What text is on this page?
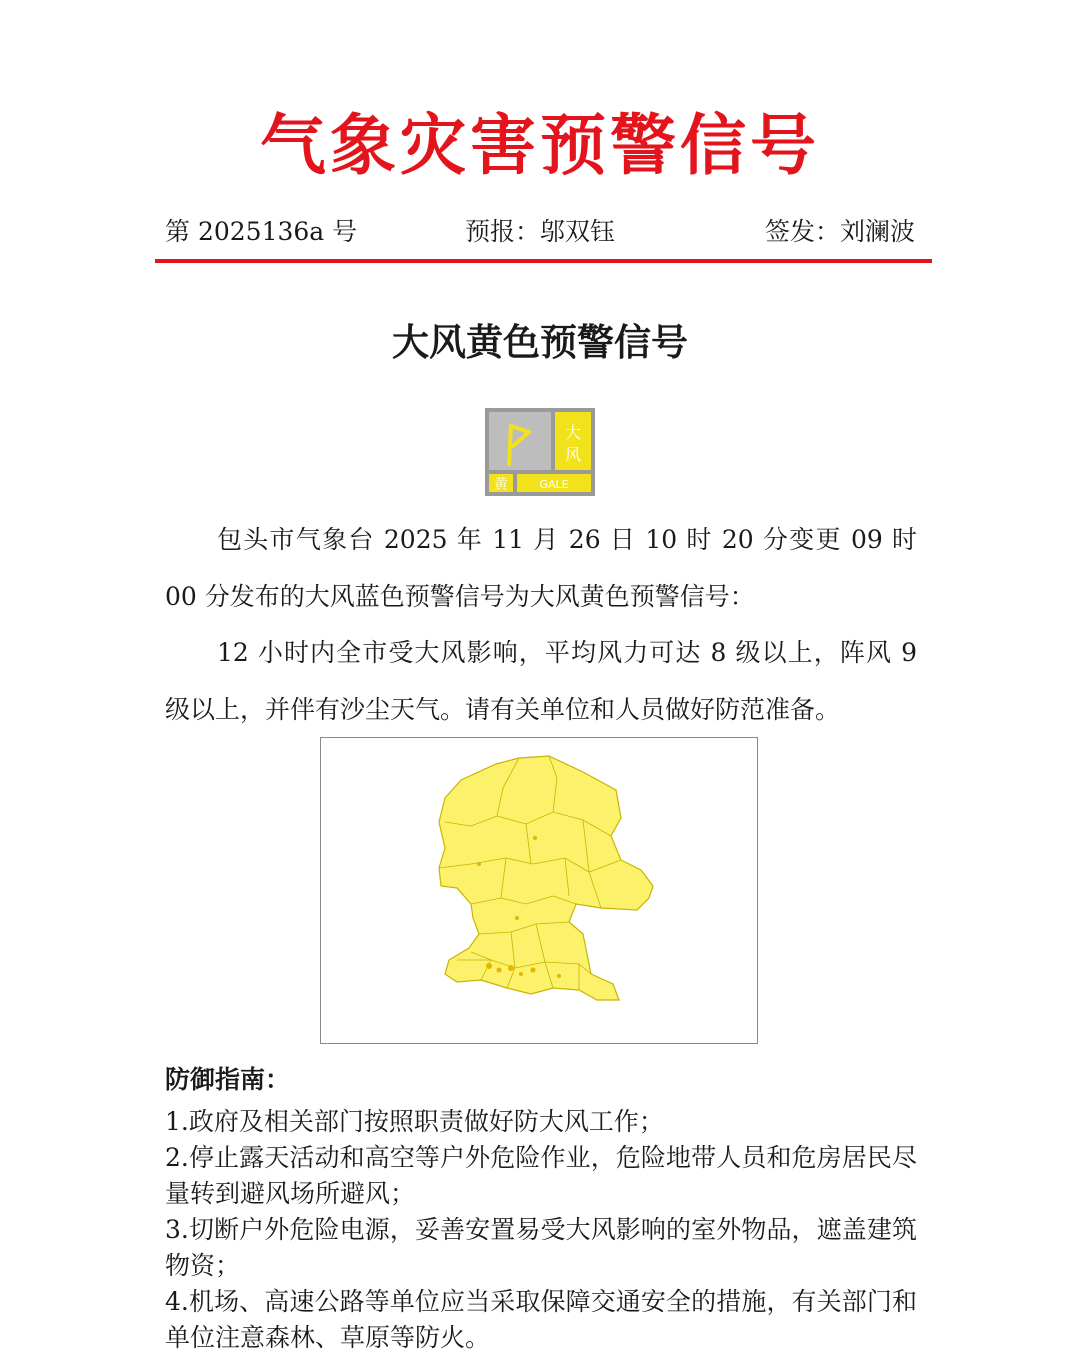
气象灾害预警信号
第 2025136a 号	预报：邬双钰	签发：刘澜波
大风黄色预警信号
大
风
黄	GALE
包头市气象台 2025 年 11 月 26 日 10 时 20 分变更 09 时 00 分发布的大风蓝色预警信号为大风黄色预警信号：
12 小时内全市受大风影响，平均风力可达 8 级以上，阵风 9 级以上，并伴有沙尘天气。请有关单位和人员做好防范准备。
防御指南：
1.政府及相关部门按照职责做好防大风工作；
2.停止露天活动和高空等户外危险作业，危险地带人员和危房居民尽量转到避风场所避风；
3.切断户外危险电源，妥善安置易受大风影响的室外物品，遮盖建筑物资；
4.机场、高速公路等单位应当采取保障交通安全的措施，有关部门和单位注意森林、草原等防火。
